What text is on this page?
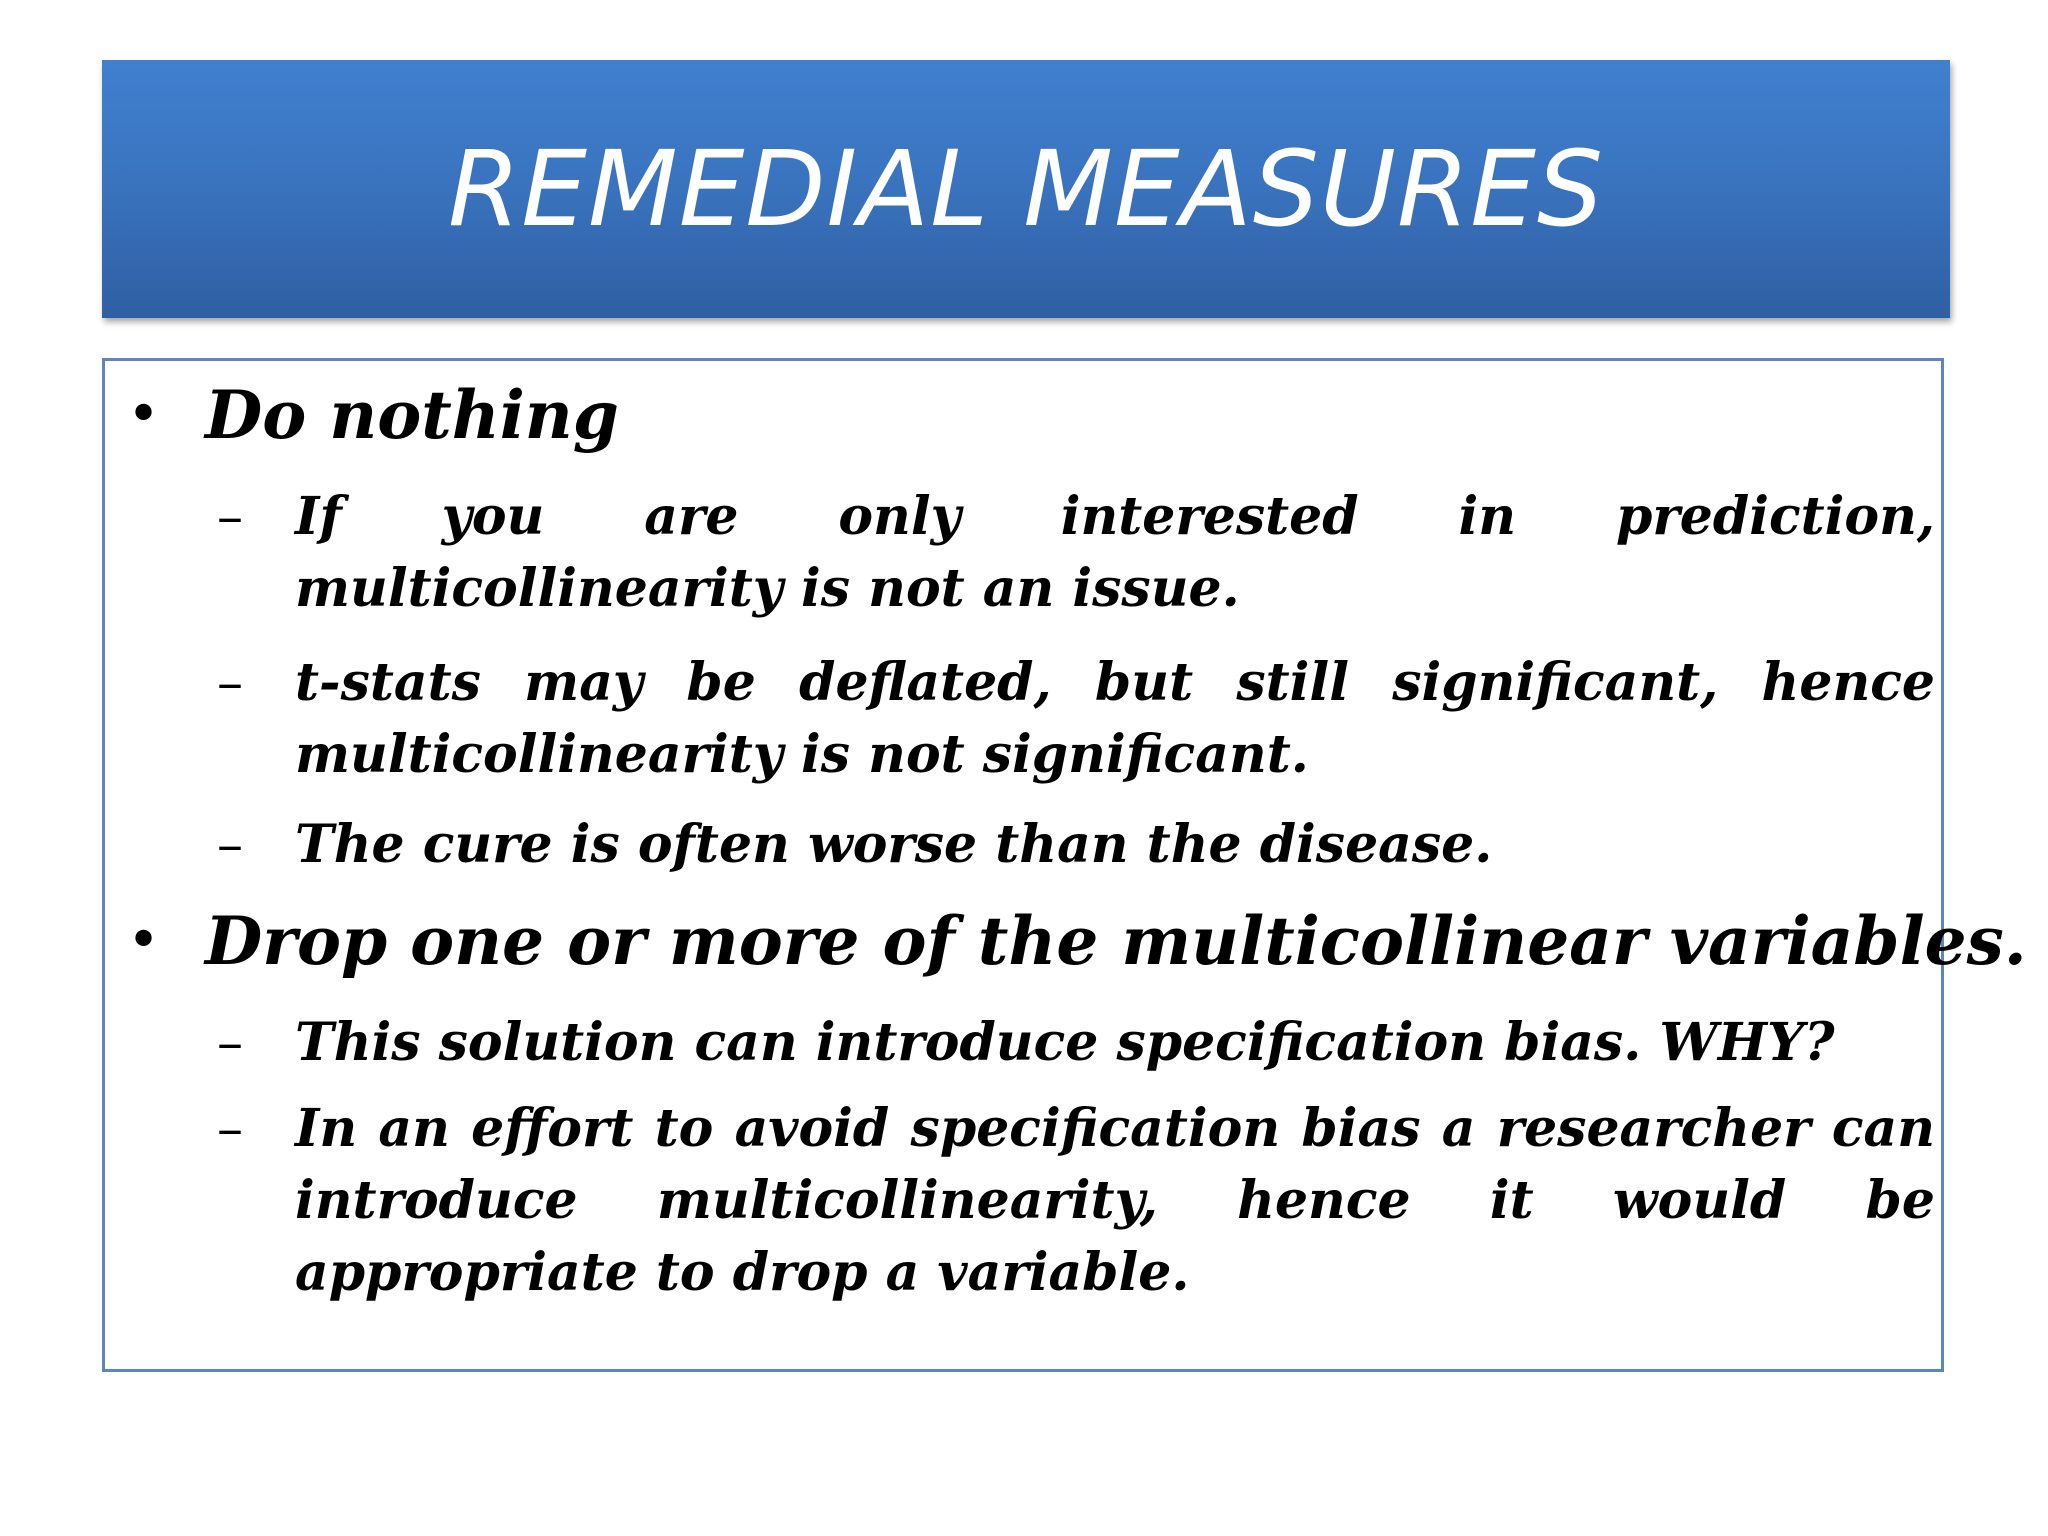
REMEDIAL MEASURES
• Do nothing
– If you are only interested in prediction, multicollinearity is not an issue.
– t-stats may be deflated, but still significant, hence multicollinearity is not significant.
– The cure is often worse than the disease.
• Drop one or more of the multicollinear variables.
– This solution can introduce specification bias. WHY?
– In an effort to avoid specification bias a researcher can introduce multicollinearity, hence it would be appropriate to drop a variable.
